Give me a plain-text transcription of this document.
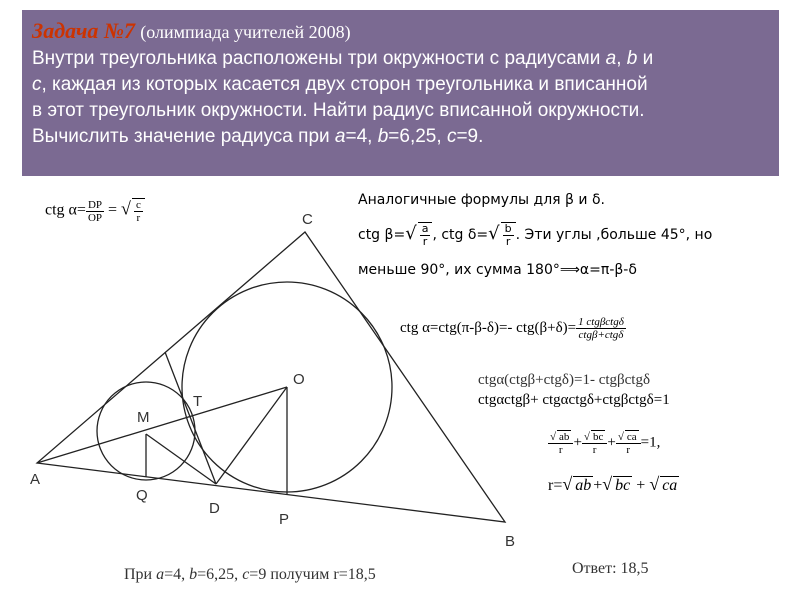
Задача №7 (олимпиада учителей 2008)
Внутри треугольника расположены три окружности с радиусами a, b и
c, каждая из которых касается двух сторон треугольника и вписанной
в этот треугольник окружности. Найти радиус вписанной окружности.
Вычислить значение радиуса при a=4, b=6,25, c=9.
A
B
C
O
M
T
Q
D
P
ctg $\alpha= \frac{DP}{OP}$ = √ $\frac{c}{r}$	Аналогичные формулы для β и δ.
ctg $\beta=√ \frac{a}{r}$ , ctg $\delta=√ \frac{b}{r}$ . Эти углы ,больше 45°, но
меньше 90°, их сумма 180°⟹α=π-β-δ
ctg α=ctg(π-β-δ)=- $ctg(\beta+\delta)= \frac{\text{1 ctgβctgδ}}{\text{ctgβ+ctgδ}}$
ctgα(ctgβ+ctgδ)=1- ctgβctgδ
ctgαctgβ+ ctgαctgδ+ctgβctgδ=1
$\frac{√ ab}{r} + \frac{√ bc}{r} + \frac{√ ca}{r} =1$,
r=√ ab +√ bc + √ ca
При a=4, b=6,25, c=9 получим r=18,5	Ответ: 18,5
